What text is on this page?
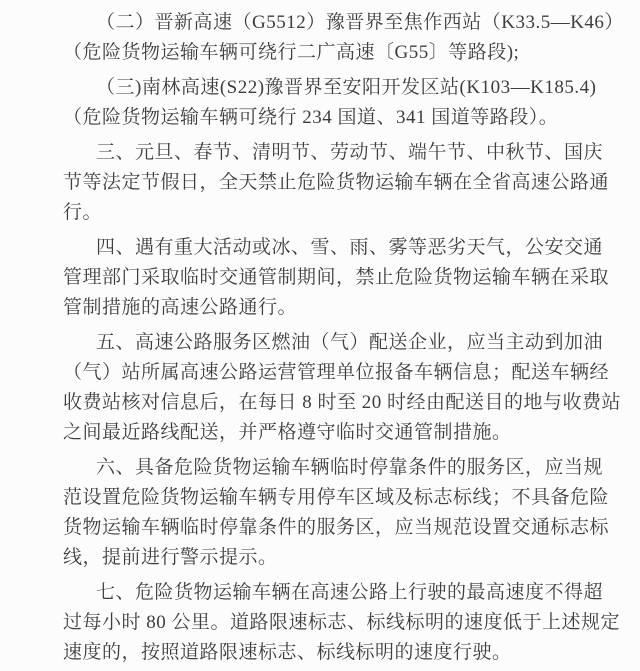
（二）晋新高速（G5512）豫晋界至焦作西站（K33.5—K46）
（危险货物运输车辆可绕行二广高速〔G55〕等路段);
（三)南林高速(S22)豫晋界至安阳开发区站(K103—K185.4)
（危险货物运输车辆可绕行 234 国道、341 国道等路段）。
三、元旦、春节、清明节、劳动节、端午节、中秋节、国庆
节等法定节假日，全天禁止危险货物运输车辆在全省高速公路通
行。
四、遇有重大活动或冰、雪、雨、雾等恶劣天气，公安交通
管理部门采取临时交通管制期间，禁止危险货物运输车辆在采取
管制措施的高速公路通行。
五、高速公路服务区燃油（气）配送企业，应当主动到加油
（气）站所属高速公路运营管理单位报备车辆信息；配送车辆经
收费站核对信息后，在每日 8 时至 20 时经由配送目的地与收费站
之间最近路线配送，并严格遵守临时交通管制措施。
六、具备危险货物运输车辆临时停靠条件的服务区，应当规
范设置危险货物运输车辆专用停车区域及标志标线；不具备危险
货物运输车辆临时停靠条件的服务区，应当规范设置交通标志标
线，提前进行警示提示。
七、危险货物运输车辆在高速公路上行驶的最高速度不得超
过每小时 80 公里。道路限速标志、标线标明的速度低于上述规定
速度的，按照道路限速标志、标线标明的速度行驶。
